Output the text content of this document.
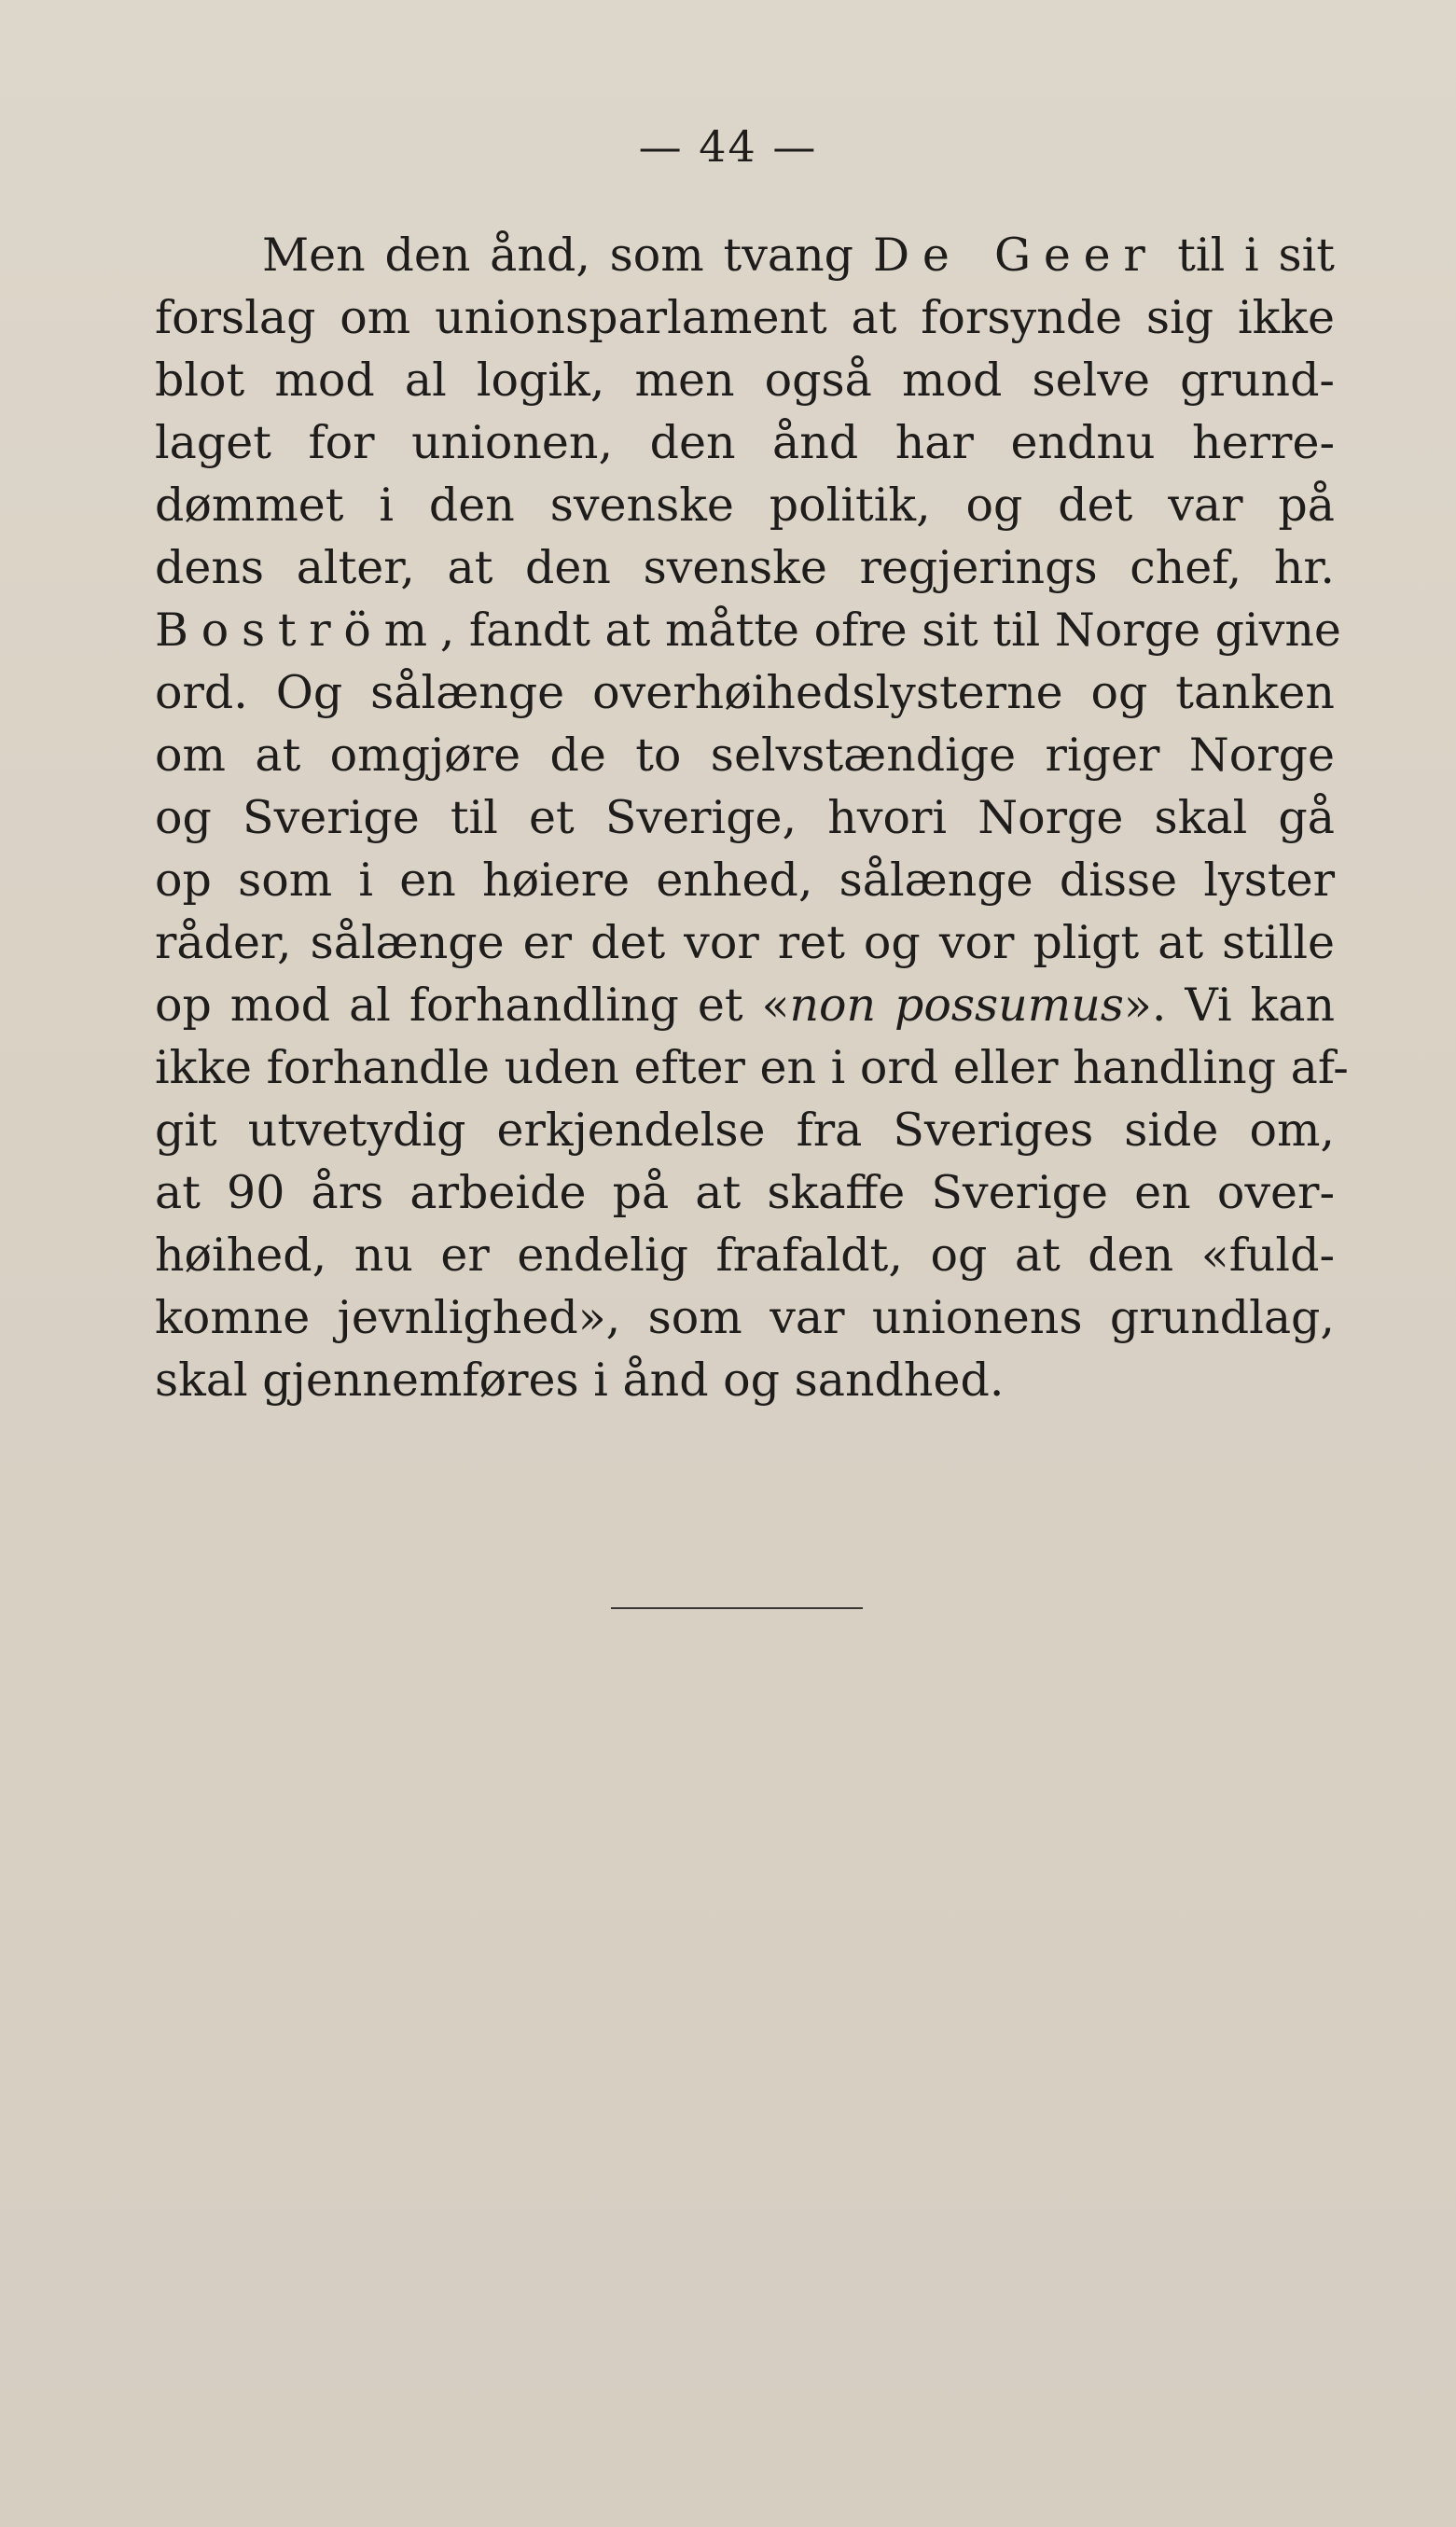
— 44 —
Men den ånd, som tvang De Geer til i sit
forslag om unionsparlament at forsynde sig ikke
blot mod al logik, men også mod selve grund-
laget for unionen, den ånd har endnu herre-
dømmet i den svenske politik, og det var på
dens alter, at den svenske regjerings chef, hr.
Boström, fandt at måtte ofre sit til Norge givne
ord. Og sålænge overhøihedslysterne og tanken
om at omgjøre de to selvstændige riger Norge
og Sverige til et Sverige, hvori Norge skal gå
op som i en høiere enhed, sålænge disse lyster
råder, sålænge er det vor ret og vor pligt at stille
op mod al forhandling et «non possumus». Vi kan
ikke forhandle uden efter en i ord eller handling af-
git utvetydig erkjendelse fra Sveriges side om,
at 90 års arbeide på at skaffe Sverige en over-
høihed, nu er endelig frafaldt, og at den «fuld-
komne jevnlighed», som var unionens grundlag,
skal gjennemføres i ånd og sandhed.
